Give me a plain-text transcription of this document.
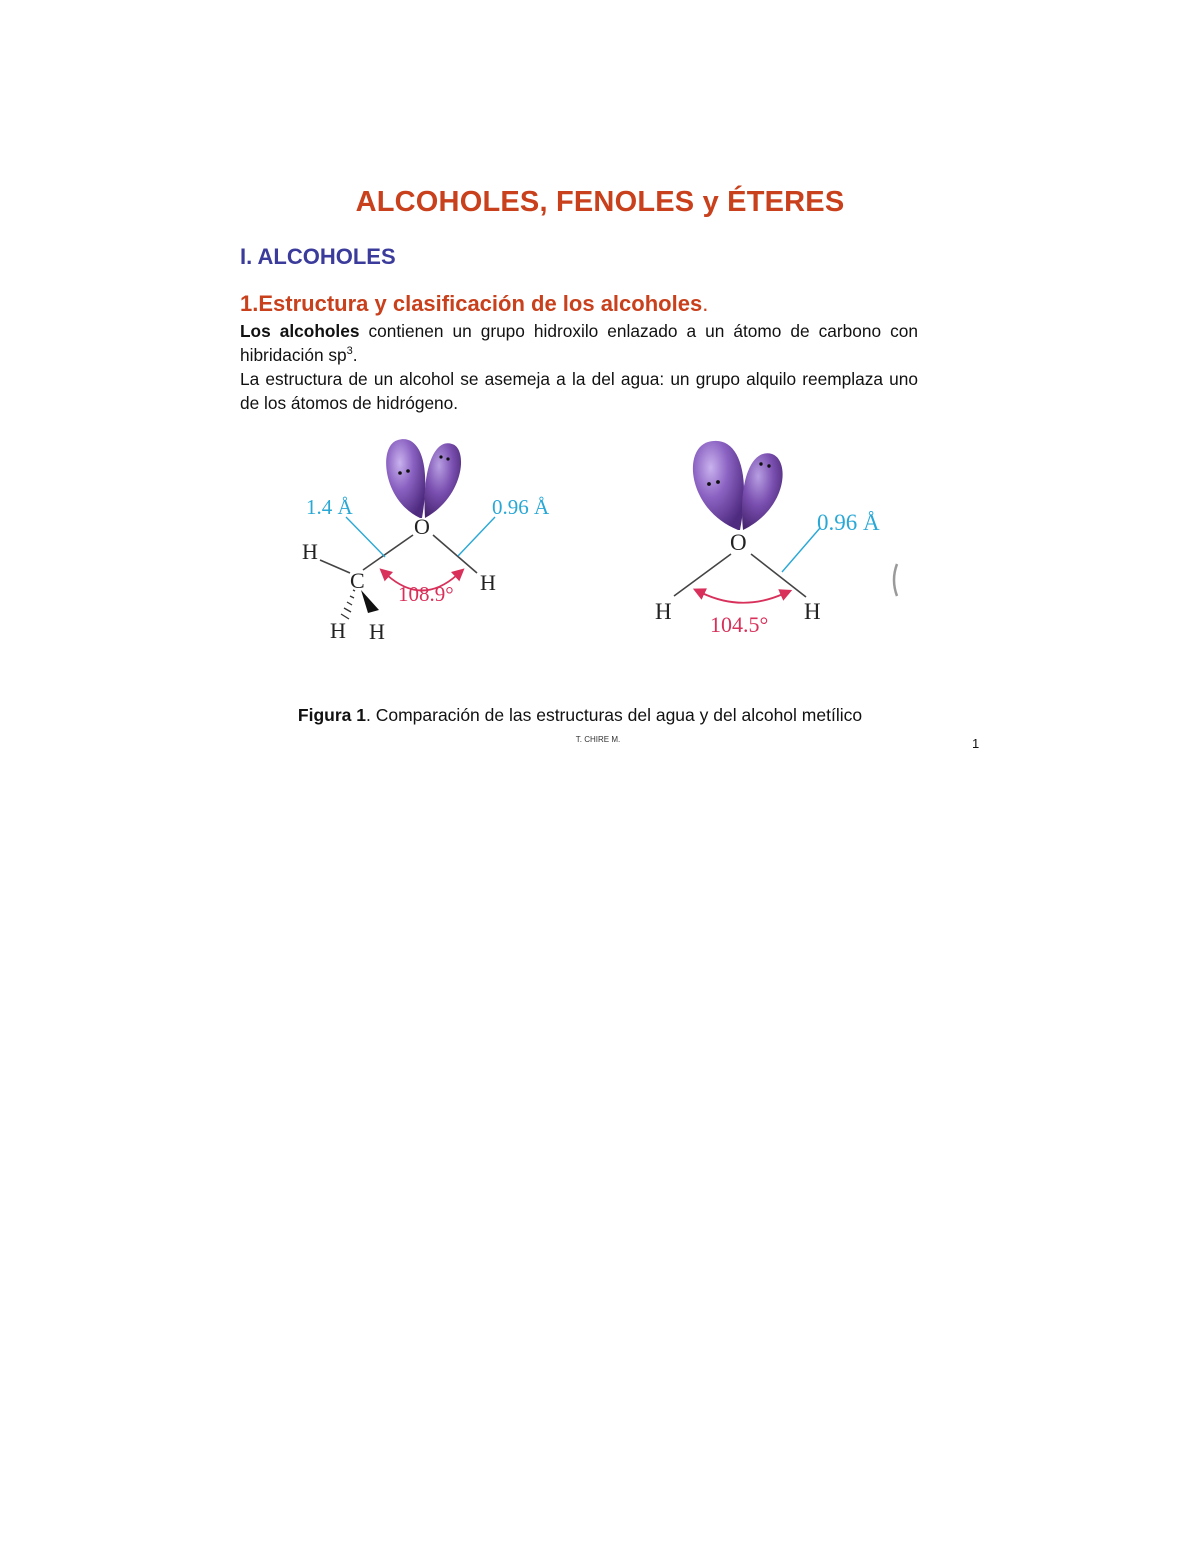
ALCOHOLES, FENOLES y ÉTERES
I. ALCOHOLES
1.Estructura y clasificación de los alcoholes.

Los alcoholes contienen un grupo hidroxilo enlazado a un átomo de carbono con hibridación $sp^3$.

La estructura de un alcohol se asemeja a la del agua: un grupo alquilo reemplaza uno de los átomos de hidrógeno.

1.4 Å	0.96 Å
O
H
C	H
108.9°
H H
0.96 Å
O
H	H
104.5°
Figura 1. Comparación de las estructuras del agua y del alcohol metílico
T. CHIRE M.	1
